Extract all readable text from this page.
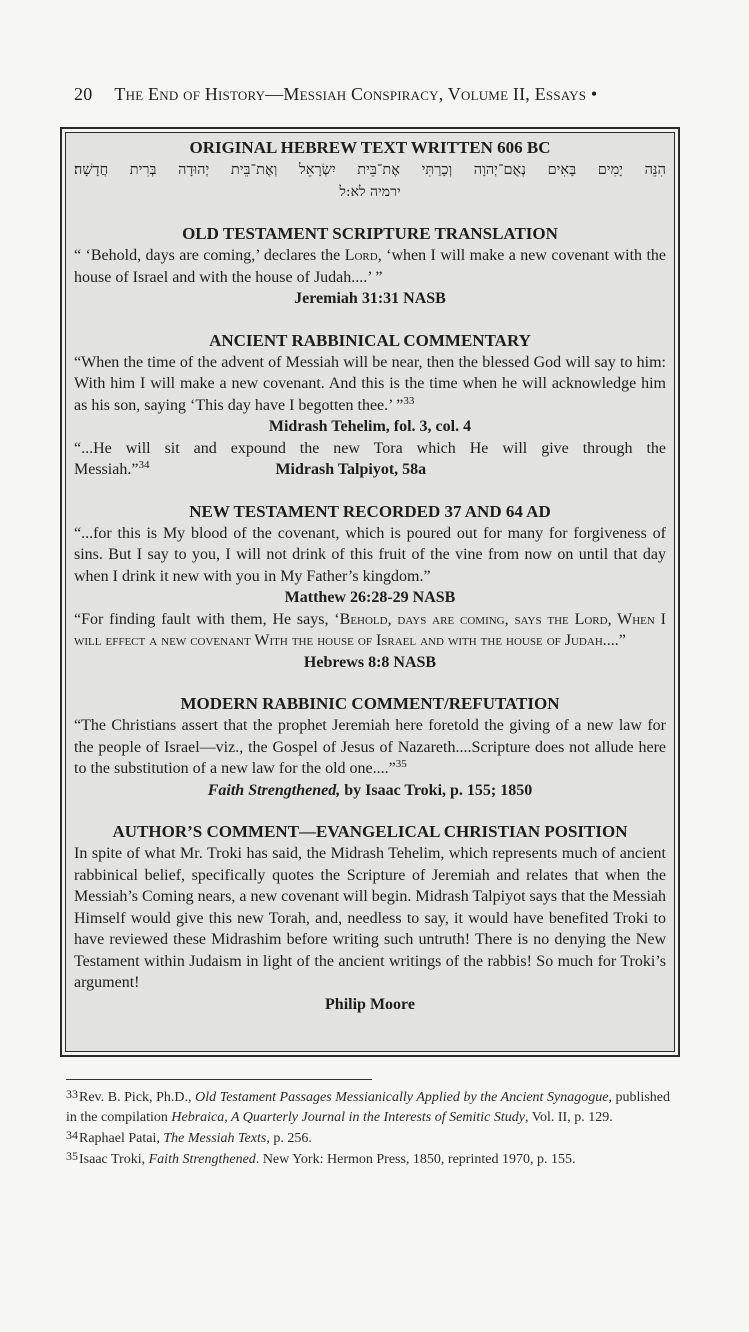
20 The End of History—Messiah Conspiracy, Volume II, Essays •
ORIGINAL HEBREW TEXT WRITTEN 606 BC
הִנֵּה יָמִים בָּאִים נְאֻם־יְהוָה וְכָרַתִּי אֶת־בֵּית יִשְׂרָאֵל וְאֶת־בֵּית יְהוּדָה בְּרִית חֲדָשָׁה׃
ירמיה לא:ל
OLD TESTAMENT SCRIPTURE TRANSLATION

“ ‘Behold, days are coming,’ declares the Lord, ‘when I will make a new covenant with the house of Israel and with the house of Judah....’ ”

Jeremiah 31:31 NASB
ANCIENT RABBINICAL COMMENTARY

“When the time of the advent of Messiah will be near, then the blessed God will say to him: With him I will make a new covenant. And this is the time when he will acknowledge him as his son, saying ‘This day have I begotten thee.’ ”$^{33}$

Midrash Tehelim, fol. 3, col. 4

“...He will sit and expound the new Tora which He will give through the

Messiah.”$^{34}$	Midrash Talpiyot, 58a
NEW TESTAMENT RECORDED 37 AND 64 AD

“...for this is My blood of the covenant, which is poured out for many for forgiveness of sins. But I say to you, I will not drink of this fruit of the vine from now on until that day when I drink it new with you in My Father’s kingdom.”

Matthew 26:28-29 NASB

“For finding fault with them, He says, ‘Behold, days are coming, says the Lord, When I will effect a new covenant With the house of Israel and with the house of Judah....”

Hebrews 8:8 NASB
MODERN RABBINIC COMMENT/REFUTATION

“The Christians assert that the prophet Jeremiah here foretold the giving of a new law for the people of Israel—viz., the Gospel of Jesus of Nazareth....Scripture does not allude here to the substitution of a new law for the old one....”$^{35}$

Faith Strengthened, by Isaac Troki, p. 155; 1850
AUTHOR’S COMMENT—EVANGELICAL CHRISTIAN POSITION

In spite of what Mr. Troki has said, the Midrash Tehelim, which represents much of ancient rabbinical belief, specifically quotes the Scripture of Jeremiah and relates that when the Messiah’s Coming nears, a new covenant will begin. Midrash Talpiyot says that the Messiah Himself would give this new Torah, and, needless to say, it would have benefited Troki to have reviewed these Midrashim before writing such untruth! There is no denying the New Testament within Judaism in light of the ancient writings of the rabbis! So much for Troki’s argument!

Philip Moore

$^{33}$Rev. B. Pick, Ph.D., Old Testament Passages Messianically Applied by the Ancient Synagogue, published in the compilation Hebraica, A Quarterly Journal in the Interests of Semitic Study, Vol. II, p. 129.

$^{34}$Raphael Patai, The Messiah Texts, p. 256.

$^{35}$Isaac Troki, Faith Strengthened. New York: Hermon Press, 1850, reprinted 1970, p. 155.
